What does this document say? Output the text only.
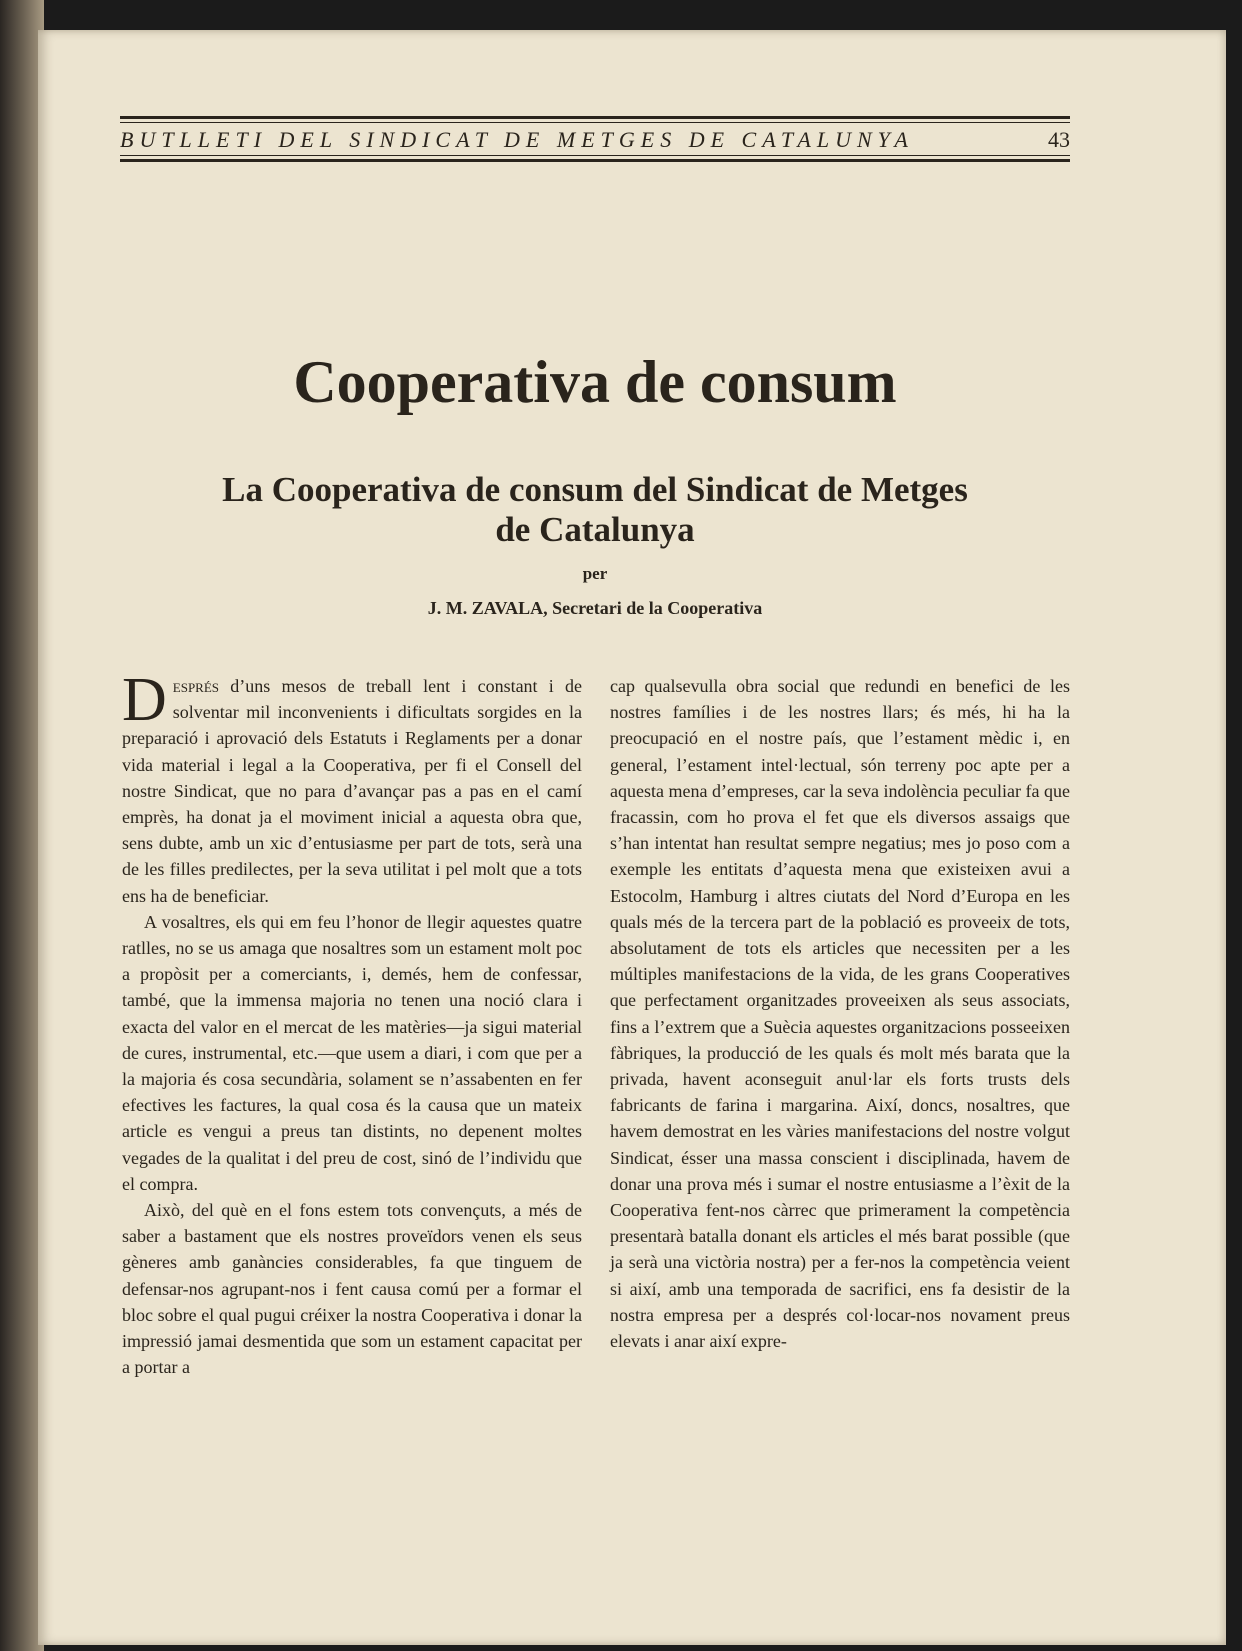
BUTLLETI DEL SINDICAT DE METGES DE CATALUNYA	43
Cooperativa de consum
La Cooperativa de consum del Sindicat de Metges
de Catalunya
per
J. M. ZAVALA, Secretari de la Cooperativa

Després d’uns mesos de treball lent i constant i de solventar mil inconvenients i dificultats sorgides en la preparació i aprovació dels Estatuts i Reglaments per a donar vida material i legal a la Cooperativa, per fi el Consell del nostre Sindicat, que no para d’avançar pas a pas en el camí emprès, ha donat ja el moviment inicial a aquesta obra que, sens dubte, amb un xic d’entusiasme per part de tots, serà una de les filles predilectes, per la seva utilitat i pel molt que a tots ens ha de beneficiar.

A vosaltres, els qui em feu l’honor de llegir aquestes quatre ratlles, no se us amaga que nosaltres som un estament molt poc a propòsit per a comerciants, i, demés, hem de confessar, també, que la immensa majoria no tenen una noció clara i exacta del valor en el mercat de les matèries—ja sigui material de cures, instrumental, etc.—que usem a diari, i com que per a la majoria és cosa secundària, solament se n’assabenten en fer efectives les factures, la qual cosa és la causa que un mateix article es vengui a preus tan distints, no depenent moltes vegades de la qualitat i del preu de cost, sinó de l’individu que el compra.

Això, del què en el fons estem tots convençuts, a més de saber a bastament que els nostres proveïdors venen els seus gèneres amb ganàncies considerables, fa que tinguem de defensar-nos agrupant-nos i fent causa comú per a formar el bloc sobre el qual pugui créixer la nostra Cooperativa i donar la impressió jamai desmentida que som un estament capacitat per a portar a

cap qualsevulla obra social que redundi en benefici de les nostres famílies i de les nostres llars; és més, hi ha la preocupació en el nostre país, que l’estament mèdic i, en general, l’estament intel·lectual, són terreny poc apte per a aquesta mena d’empreses, car la seva indolència peculiar fa que fracassin, com ho prova el fet que els diversos assaigs que s’han intentat han resultat sempre negatius; mes jo poso com a exemple les entitats d’aquesta mena que existeixen avui a Estocolm, Hamburg i altres ciutats del Nord d’Europa en les quals més de la tercera part de la població es proveeix de tots, absolutament de tots els articles que necessiten per a les múltiples manifestacions de la vida, de les grans Cooperatives que perfectament organitzades proveeixen als seus associats, fins a l’extrem que a Suècia aquestes organitzacions posseeixen fàbriques, la producció de les quals és molt més barata que la privada, havent aconseguit anul·lar els forts trusts dels fabricants de farina i margarina. Així, doncs, nosaltres, que havem demostrat en les vàries manifestacions del nostre volgut Sindicat, ésser una massa conscient i disciplinada, havem de donar una prova més i sumar el nostre entusiasme a l’èxit de la Cooperativa fent-nos càrrec que primerament la competència presentarà batalla donant els articles el més barat possible (que ja serà una victòria nostra) per a fer-nos la competència veient si així, amb una temporada de sacrifici, ens fa desistir de la nostra empresa per a després col·locar-nos novament preus elevats i anar així expre-
